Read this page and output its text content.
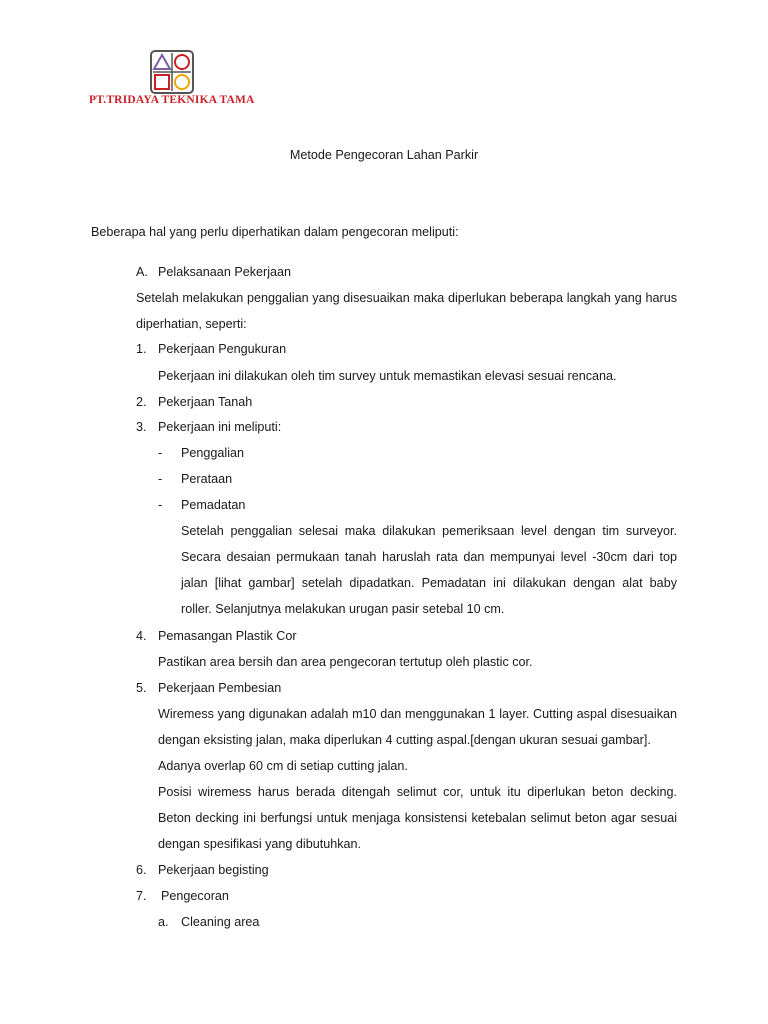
PT.TRIDAYA TEKNIKA TAMA
Metode Pengecoran Lahan Parkir
Beberapa hal yang perlu diperhatikan dalam pengecoran meliputi:
A. Pelaksanaan Pekerjaan
Setelah melakukan penggalian yang disesuaikan maka diperlukan beberapa langkah yang harus
diperhatian, seperti:
1. Pekerjaan Pengukuran
Pekerjaan ini dilakukan oleh tim survey untuk memastikan elevasi sesuai rencana.
2. Pekerjaan Tanah
3. Pekerjaan ini meliputi:
- Penggalian
- Perataan
- Pemadatan
Setelah penggalian selesai maka dilakukan pemeriksaan level dengan tim surveyor.
Secara desaian permukaan tanah haruslah rata dan mempunyai level -30cm dari top
jalan [lihat gambar] setelah dipadatkan. Pemadatan ini dilakukan dengan alat baby
roller. Selanjutnya melakukan urugan pasir setebal 10 cm.
4. Pemasangan Plastik Cor
Pastikan area bersih dan area pengecoran tertutup oleh plastic cor.
5. Pekerjaan Pembesian
Wiremess yang digunakan adalah m10 dan menggunakan 1 layer. Cutting aspal disesuaikan
dengan eksisting jalan, maka diperlukan 4 cutting aspal.[dengan ukuran sesuai gambar].
Adanya overlap 60 cm di setiap cutting jalan.
Posisi wiremess harus berada ditengah selimut cor, untuk itu diperlukan beton decking.
Beton decking ini berfungsi untuk menjaga konsistensi ketebalan selimut beton agar sesuai
dengan spesifikasi yang dibutuhkan.
6. Pekerjaan begisting
7. Pengecoran
a. Cleaning area
